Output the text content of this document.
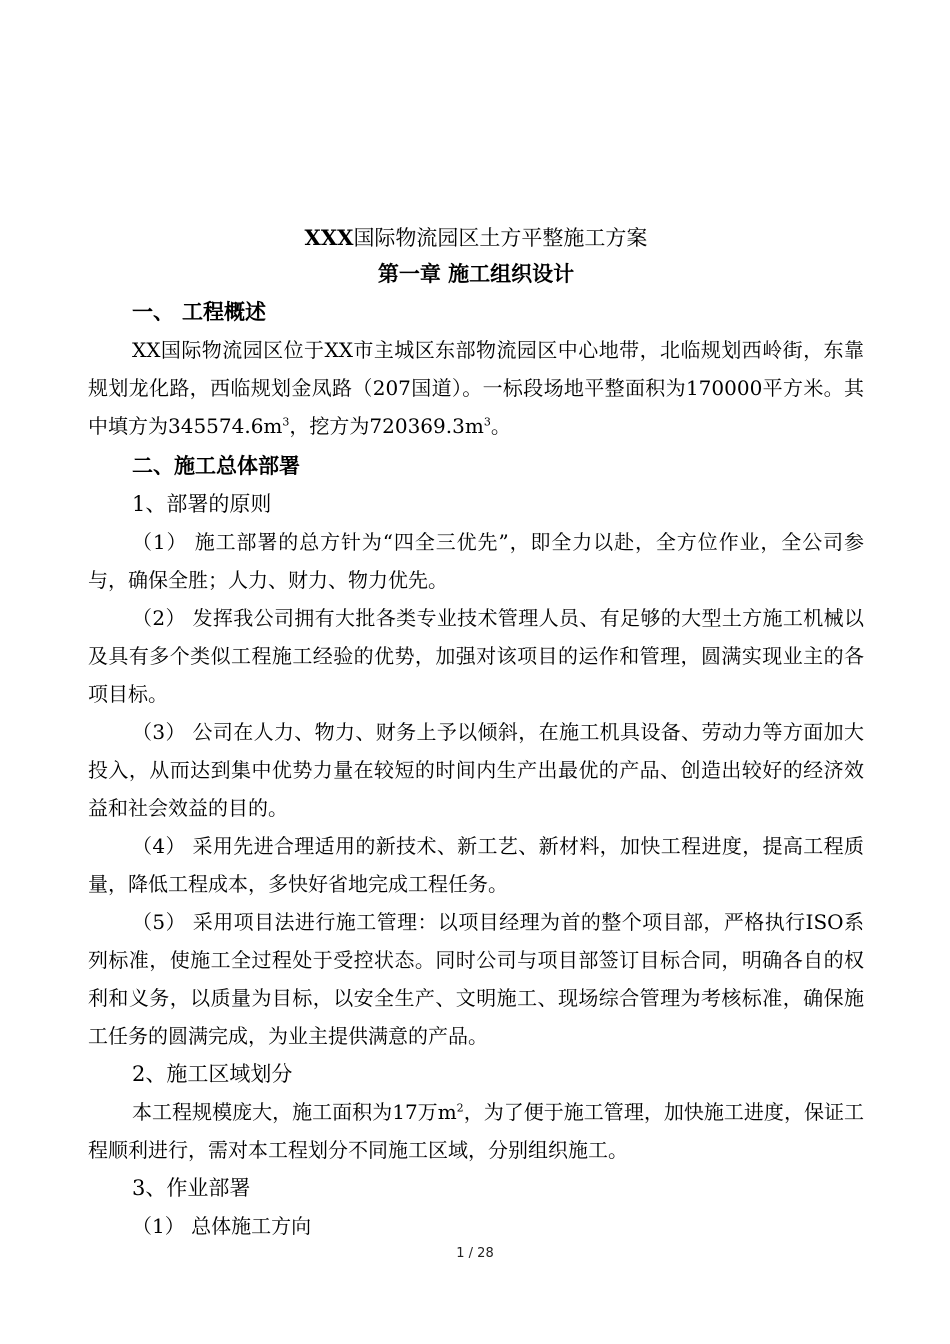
XXX国际物流园区土方平整施工方案
第一章 施工组织设计
一、 工程概述

XX国际物流园区位于XX市主城区东部物流园区中心地带，北临规划西岭街，东靠规划龙化路，西临规划金凤路（207国道）。一标段场地平整面积为170000平方米。其中填方为$345574.6m^3$，挖方为$720369.3m^3$。

二、施工总体部署
1、部署的原则

（1） 施工部署的总方针为“四全三优先”，即全力以赴，全方位作业，全公司参与，确保全胜；人力、财力、物力优先。

（2） 发挥我公司拥有大批各类专业技术管理人员、有足够的大型土方施工机械以及具有多个类似工程施工经验的优势，加强对该项目的运作和管理，圆满实现业主的各项目标。

（3） 公司在人力、物力、财务上予以倾斜，在施工机具设备、劳动力等方面加大投入，从而达到集中优势力量在较短的时间内生产出最优的产品、创造出较好的经济效益和社会效益的目的。

（4） 采用先进合理适用的新技术、新工艺、新材料，加快工程进度，提高工程质量，降低工程成本，多快好省地完成工程任务。

（5） 采用项目法进行施工管理：以项目经理为首的整个项目部，严格执行ISO系列标准，使施工全过程处于受控状态。同时公司与项目部签订目标合同，明确各自的权利和义务，以质量为目标，以安全生产、文明施工、现场综合管理为考核标准，确保施工任务的圆满完成，为业主提供满意的产品。

2、施工区域划分

本工程规模庞大，施工面积为17万$m^2$，为了便于施工管理，加快施工进度，保证工程顺利进行，需对本工程划分不同施工区域，分别组织施工。

3、作业部署

（1） 总体施工方向

1 / 28
